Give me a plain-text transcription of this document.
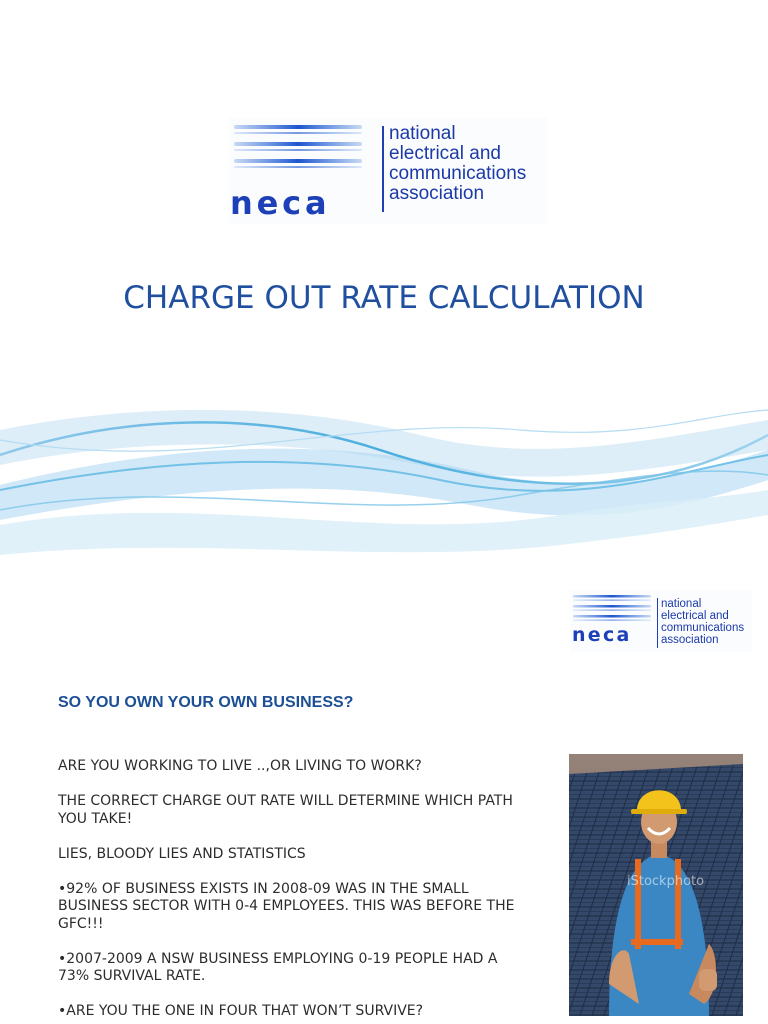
neca
national
electrical and
communications
association
CHARGE OUT RATE CALCULATION
neca
national
electrical and
communications
association
SO YOU OWN YOUR OWN BUSINESS?

ARE YOU WORKING TO LIVE ..,OR LIVING TO WORK?

THE CORRECT CHARGE OUT RATE WILL DETERMINE WHICH PATH YOU TAKE!

LIES, BLOODY LIES AND STATISTICS

•92% OF BUSINESS EXISTS IN 2008-09 WAS IN THE SMALL BUSINESS SECTOR WITH 0-4 EMPLOYEES. THIS WAS BEFORE THE GFC!!!

•2007-2009 A NSW BUSINESS EMPLOYING 0-19 PEOPLE HAD A 73% SURVIVAL RATE.

•ARE YOU THE ONE IN FOUR THAT WON’T SURVIVE?

iStockphoto
